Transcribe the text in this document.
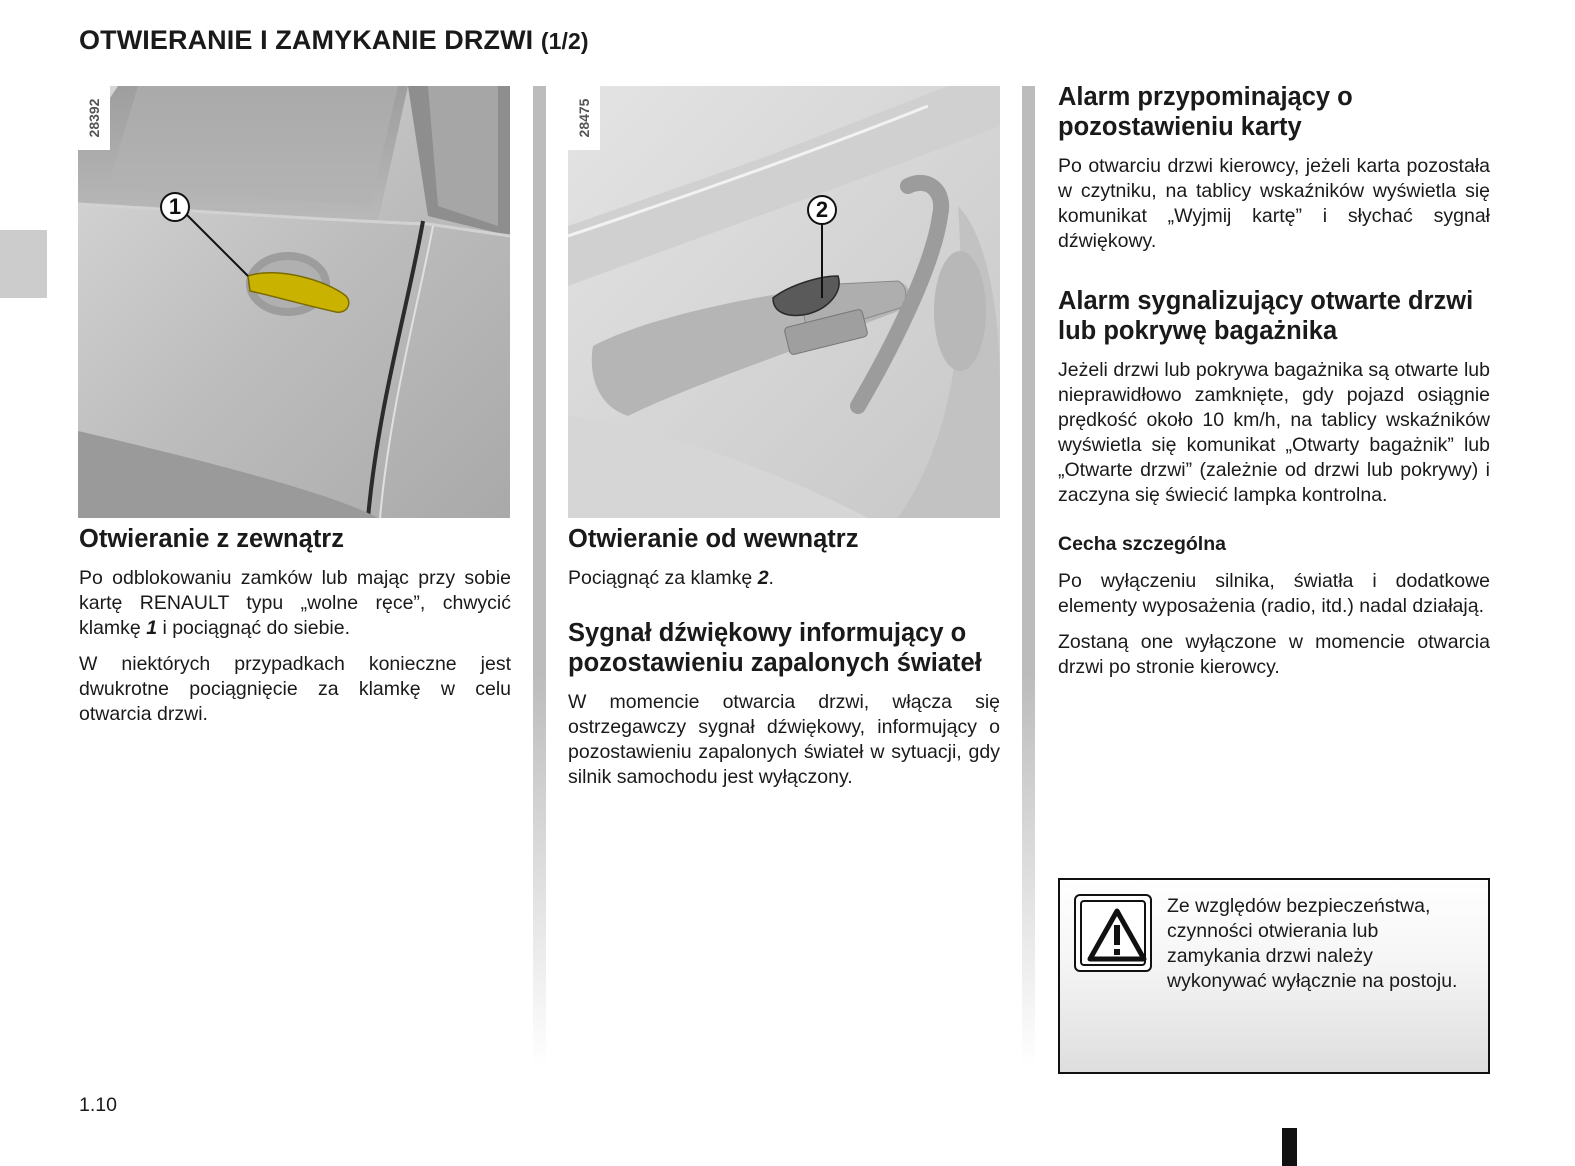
OTWIERANIE I ZAMYKANIE DRZWI (1/2)
28392
1
28475
2
Otwieranie z zewnątrz

Po odblokowaniu zamków lub mając przy sobie kartę RENAULT typu „wolne ręce”, chwycić klamkę 1 i pociągnąć do siebie.

W niektórych przypadkach konieczne jest dwukrotne pociągnięcie za klamkę w celu otwarcia drzwi.

Otwieranie od wewnątrz

Pociągnąć za klamkę 2.

Sygnał dźwiękowy informujący o pozostawieniu zapalonych świateł

W momencie otwarcia drzwi, włącza się ostrzegawczy sygnał dźwiękowy, informujący o pozostawieniu zapalonych świateł w sytuacji, gdy silnik samochodu jest wyłączony.

Alarm przypominający o pozostawieniu karty

Po otwarciu drzwi kierowcy, jeżeli karta pozostała w czytniku, na tablicy wskaźników wyświetla się komunikat „Wyjmij kartę” i słychać sygnał dźwiękowy.

Alarm sygnalizujący otwarte drzwi lub pokrywę bagażnika

Jeżeli drzwi lub pokrywa bagażnika są otwarte lub nieprawidłowo zamknięte, gdy pojazd osiągnie prędkość około 10 km/h, na tablicy wskaźników wyświetla się komunikat „Otwarty bagażnik” lub „Otwarte drzwi” (zależnie od drzwi lub pokrywy) i zaczyna się świecić lampka kontrolna.

Cecha szczególna

Po wyłączeniu silnika, światła i dodatkowe elementy wyposażenia (radio, itd.) nadal działają.

Zostaną one wyłączone w momencie otwarcia drzwi po stronie kierowcy.

Ze względów bezpieczeństwa, czynności otwierania lub zamykania drzwi należy wykonywać wyłącznie na postoju.
1.10
